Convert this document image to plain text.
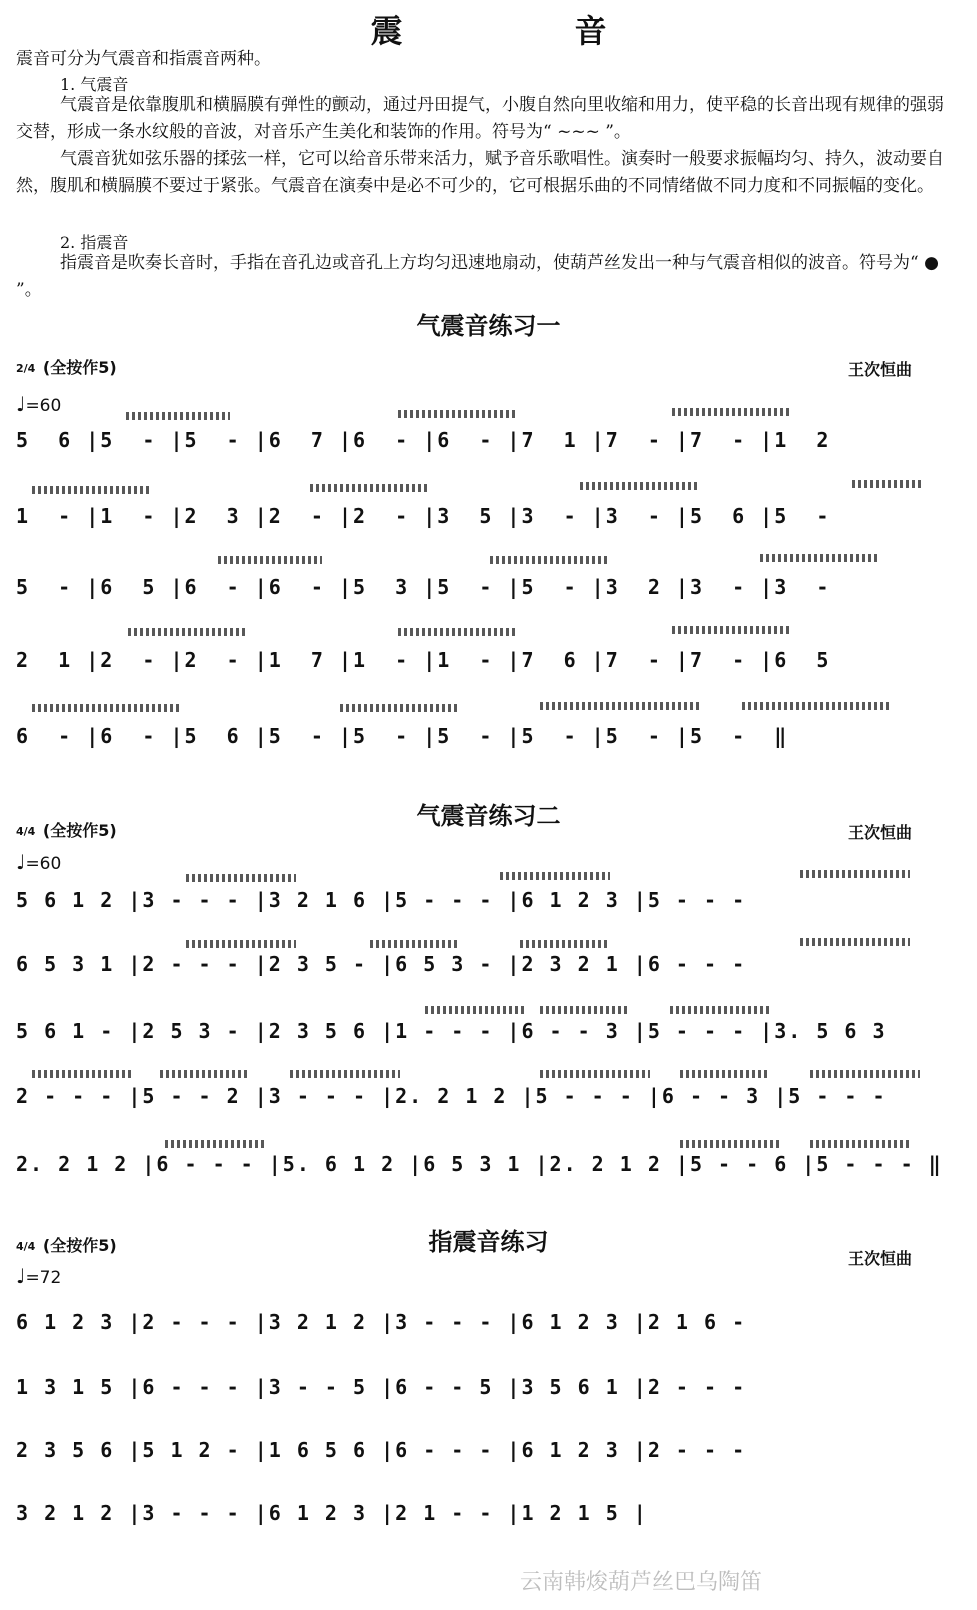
震　音

震音可分为气震音和指震音两种。

1. 气震音

气震音是依靠腹肌和横膈膜有弹性的颤动，通过丹田提气，小腹自然向里收缩和用力，使平稳的长音出现有规律的强弱交替，形成一条水纹般的音波，对音乐产生美化和装饰的作用。符号为“ ~~~ ”。

气震音犹如弦乐器的揉弦一样，它可以给音乐带来活力，赋予音乐歌唱性。演奏时一般要求振幅均匀、持久，波动要自然，腹肌和横膈膜不要过于紧张。气震音在演奏中是必不可少的，它可根据乐曲的不同情绪做不同力度和不同振幅的变化。

2. 指震音

指震音是吹奏长音时，手指在音孔边或音孔上方均匀迅速地扇动，使葫芦丝发出一种与气震音相似的波音。符号为“ ● ”。

气震音练习一
2/4 (全按作5)	王次恒曲
♩=60
5  6 |5  - |5  - |6  7 |6  - |6  - |7  1 |7  - |7  - |1  2
1  - |1  - |2  3 |2  - |2  - |3  5 |3  - |3  - |5  6 |5  -
5  - |6  5 |6  - |6  - |5  3 |5  - |5  - |3  2 |3  - |3  -
2  1 |2  - |2  - |1  7 |1  - |1  - |7  6 |7  - |7  - |6  5
6  - |6  - |5  6 |5  - |5  - |5  - |5  - |5  - |5  -  ‖
气震音练习二
4/4 (全按作5)	王次恒曲
♩=60
5 6 1 2 |3 - - - |3 2 1 6 |5 - - - |6 1 2 3 |5 - - -
6 5 3 1 |2 - - - |2 3 5 - |6 5 3 - |2 3 2 1 |6 - - -
5 6 1 - |2 5 3 - |2 3 5 6 |1 - - - |6 - - 3 |5 - - - |3. 5 6 3
2 - - - |5 - - 2 |3 - - - |2. 2 1 2 |5 - - - |6 - - 3 |5 - - -
2. 2 1 2 |6 - - - |5. 6 1 2 |6 5 3 1 |2. 2 1 2 |5 - - 6 |5 - - - ‖
指震音练习
4/4 (全按作5)
王次恒曲
♩=72
6 1 2 3 |2 - - - |3 2 1 2 |3 - - - |6 1 2 3 |2 1 6 -
1 3 1 5 |6 - - - |3 - - 5 |6 - - 5 |3 5 6 1 |2 - - -
2 3 5 6 |5 1 2 - |1 6 5 6 |6 - - - |6 1 2 3 |2 - - -
3 2 1 2 |3 - - - |6 1 2 3 |2 1 - - |1 2 1 5 |
云南韩焌葫芦丝巴乌陶笛
